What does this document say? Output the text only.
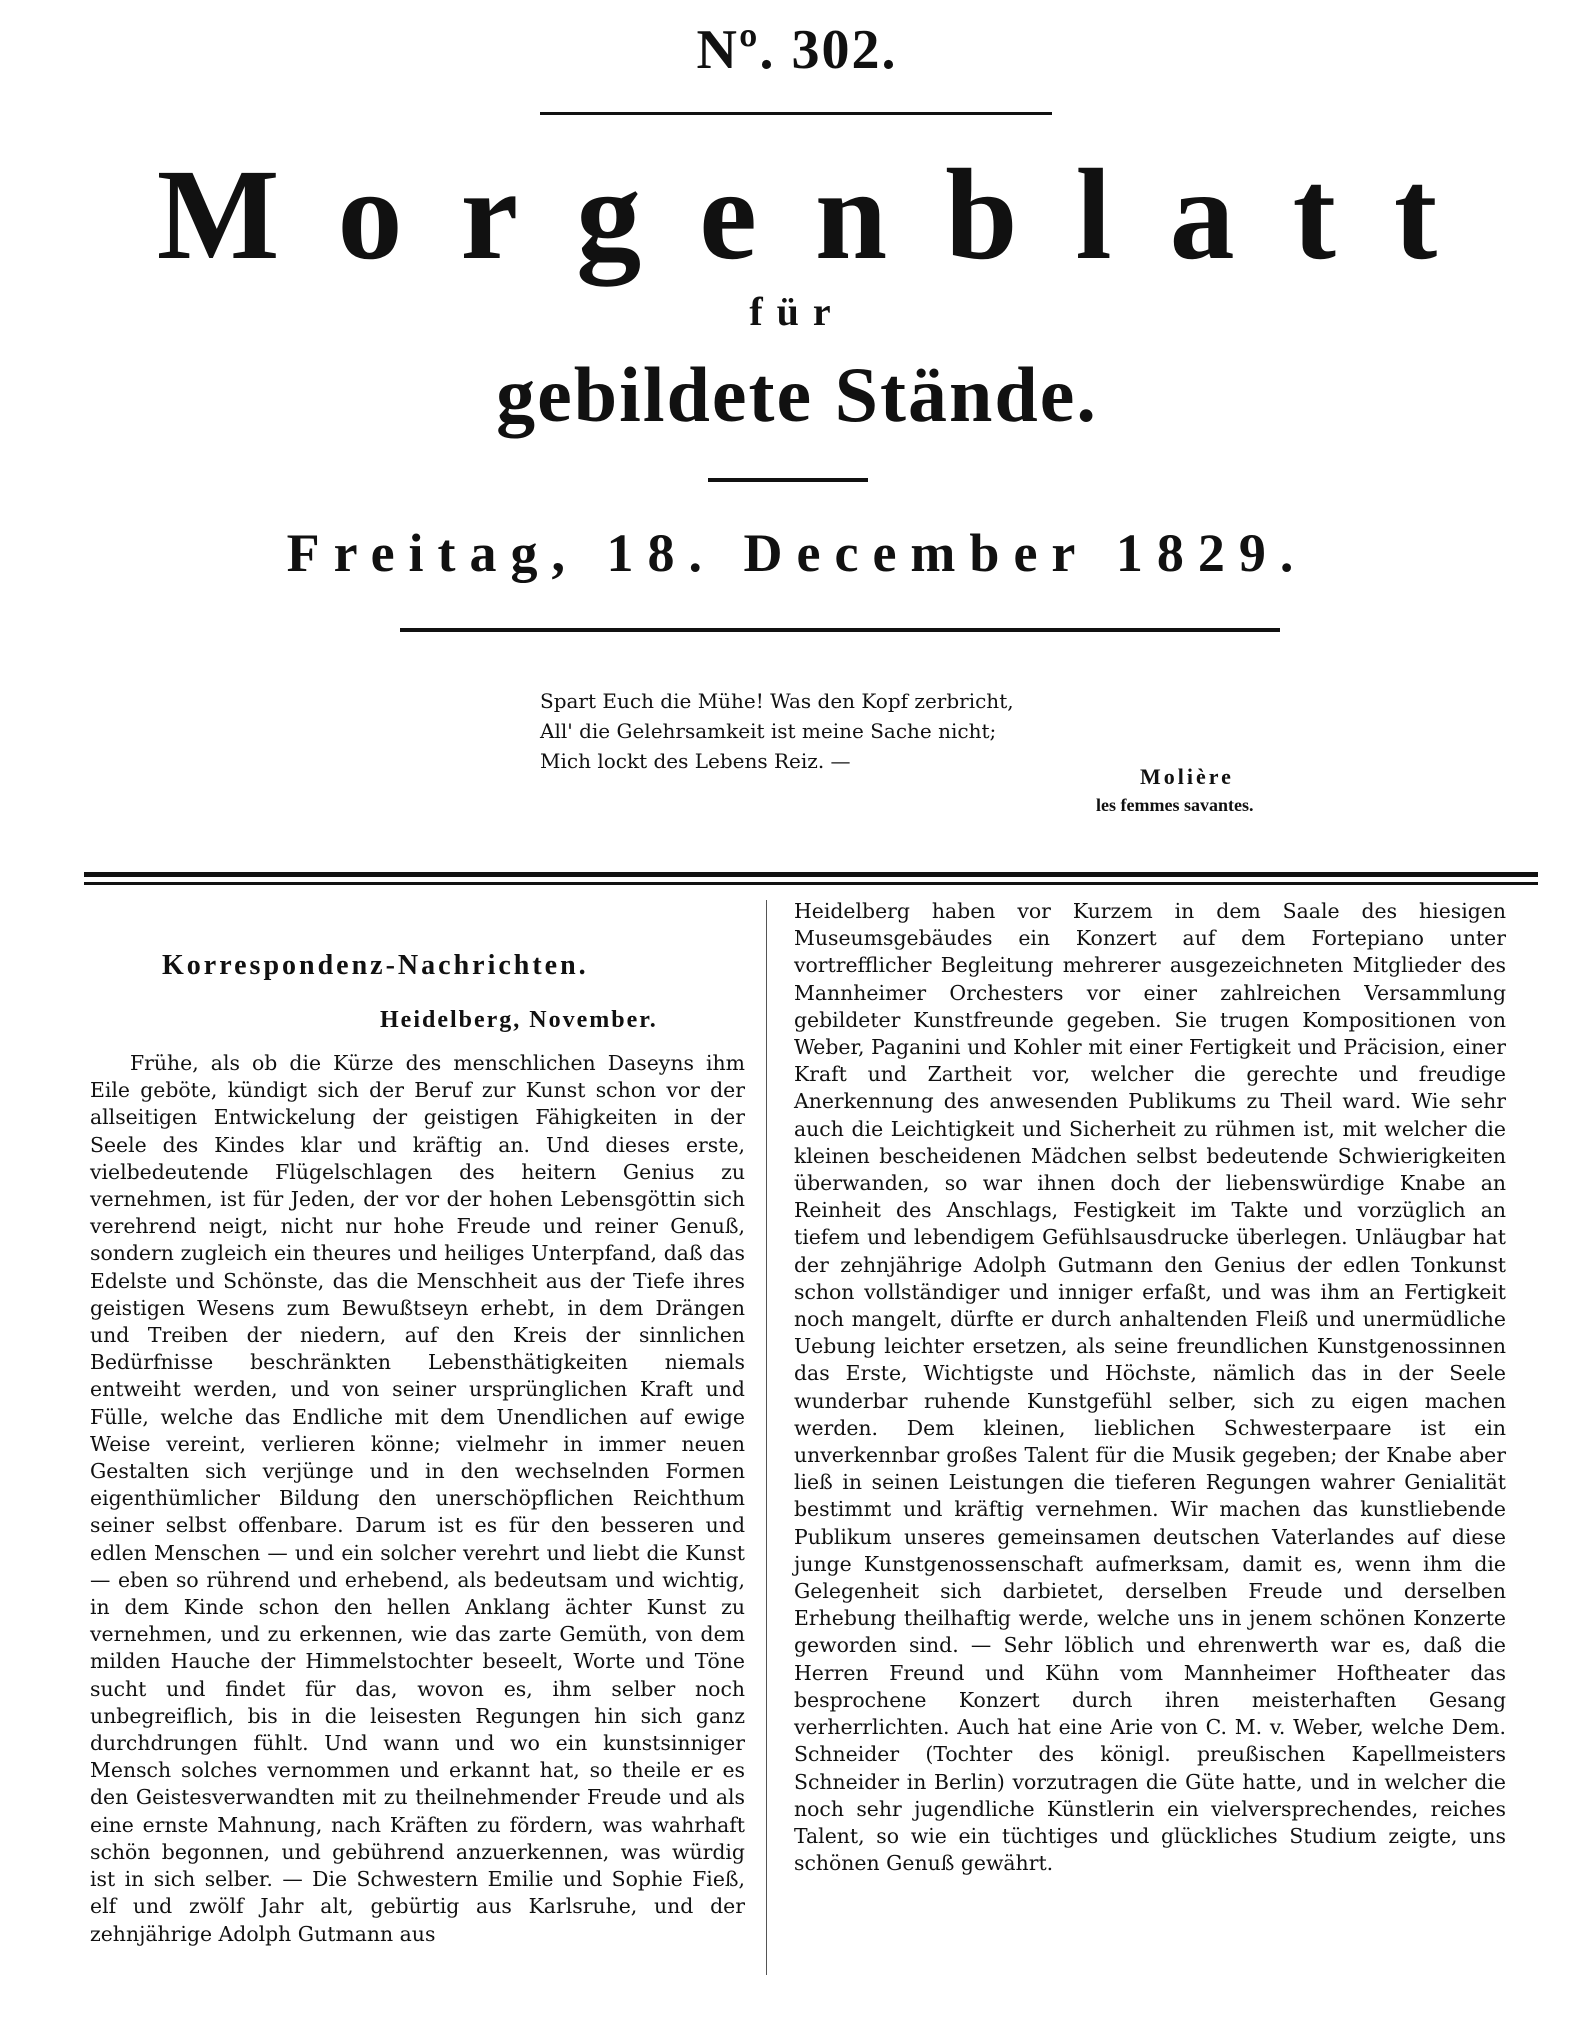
Nº. 302.
Morgenblatt
für
gebildete Stände.
Freitag, 18. December 1829.
Spart Euch die Mühe! Was den Kopf zerbricht,
All' die Gelehrsamkeit ist meine Sache nicht;
Mich lockt des Lebens Reiz. —
Molière
les femmes savantes.
Korrespondenz-Nachrichten.
Heidelberg, November.

Frühe, als ob die Kürze des menschlichen Daseyns ihm Eile geböte, kündigt sich der Beruf zur Kunst schon vor der allseitigen Entwickelung der geistigen Fähigkeiten in der Seele des Kindes klar und kräftig an. Und dieses erste, vielbedeutende Flügelschlagen des heitern Genius zu vernehmen, ist für Jeden, der vor der hohen Lebensgöttin sich verehrend neigt, nicht nur hohe Freude und reiner Genuß, sondern zugleich ein theures und heiliges Unterpfand, daß das Edelste und Schönste, das die Menschheit aus der Tiefe ihres geistigen Wesens zum Bewußtseyn erhebt, in dem Drängen und Treiben der niedern, auf den Kreis der sinnlichen Bedürfnisse beschränkten Lebensthätigkeiten niemals entweiht werden, und von seiner ursprünglichen Kraft und Fülle, welche das Endliche mit dem Unendlichen auf ewige Weise vereint, verlieren könne; vielmehr in immer neuen Gestalten sich verjünge und in den wechselnden Formen eigenthümlicher Bildung den unerschöpflichen Reichthum seiner selbst offenbare. Darum ist es für den besseren und edlen Menschen — und ein solcher verehrt und liebt die Kunst — eben so rührend und erhebend, als bedeutsam und wichtig, in dem Kinde schon den hellen Anklang ächter Kunst zu vernehmen, und zu erkennen, wie das zarte Gemüth, von dem milden Hauche der Himmelstochter beseelt, Worte und Töne sucht und findet für das, wovon es, ihm selber noch unbegreiflich, bis in die leisesten Regungen hin sich ganz durchdrungen fühlt. Und wann und wo ein kunstsinniger Mensch solches vernommen und erkannt hat, so theile er es den Geistesverwandten mit zu theilnehmender Freude und als eine ernste Mahnung, nach Kräften zu fördern, was wahrhaft schön begonnen, und gebührend anzuerkennen, was würdig ist in sich selber. — Die Schwestern Emilie und Sophie Fieß, elf und zwölf Jahr alt, gebürtig aus Karlsruhe, und der zehnjährige Adolph Gutmann aus

Heidelberg haben vor Kurzem in dem Saale des hiesigen Museumsgebäudes ein Konzert auf dem Fortepiano unter vortrefflicher Begleitung mehrerer ausgezeichneten Mitglieder des Mannheimer Orchesters vor einer zahlreichen Versammlung gebildeter Kunstfreunde gegeben. Sie trugen Kompositionen von Weber, Paganini und Kohler mit einer Fertigkeit und Präcision, einer Kraft und Zartheit vor, welcher die gerechte und freudige Anerkennung des anwesenden Publikums zu Theil ward. Wie sehr auch die Leichtigkeit und Sicherheit zu rühmen ist, mit welcher die kleinen bescheidenen Mädchen selbst bedeutende Schwierigkeiten überwanden, so war ihnen doch der liebenswürdige Knabe an Reinheit des Anschlags, Festigkeit im Takte und vorzüglich an tiefem und lebendigem Gefühlsausdrucke überlegen. Unläugbar hat der zehnjährige Adolph Gutmann den Genius der edlen Tonkunst schon vollständiger und inniger erfaßt, und was ihm an Fertigkeit noch mangelt, dürfte er durch anhaltenden Fleiß und unermüdliche Uebung leichter ersetzen, als seine freundlichen Kunstgenossinnen das Erste, Wichtigste und Höchste, nämlich das in der Seele wunderbar ruhende Kunstgefühl selber, sich zu eigen machen werden. Dem kleinen, lieblichen Schwesterpaare ist ein unverkennbar großes Talent für die Musik gegeben; der Knabe aber ließ in seinen Leistungen die tieferen Regungen wahrer Genialität bestimmt und kräftig vernehmen. Wir machen das kunstliebende Publikum unseres gemeinsamen deutschen Vaterlandes auf diese junge Kunstgenossenschaft aufmerksam, damit es, wenn ihm die Gelegenheit sich darbietet, derselben Freude und derselben Erhebung theilhaftig werde, welche uns in jenem schönen Konzerte geworden sind. — Sehr löblich und ehrenwerth war es, daß die Herren Freund und Kühn vom Mannheimer Hoftheater das besprochene Konzert durch ihren meisterhaften Gesang verherrlichten. Auch hat eine Arie von C. M. v. Weber, welche Dem. Schneider (Tochter des königl. preußischen Kapellmeisters Schneider in Berlin) vorzutragen die Güte hatte, und in welcher die noch sehr jugendliche Künstlerin ein vielversprechendes, reiches Talent, so wie ein tüchtiges und glückliches Studium zeigte, uns schönen Genuß gewährt.
